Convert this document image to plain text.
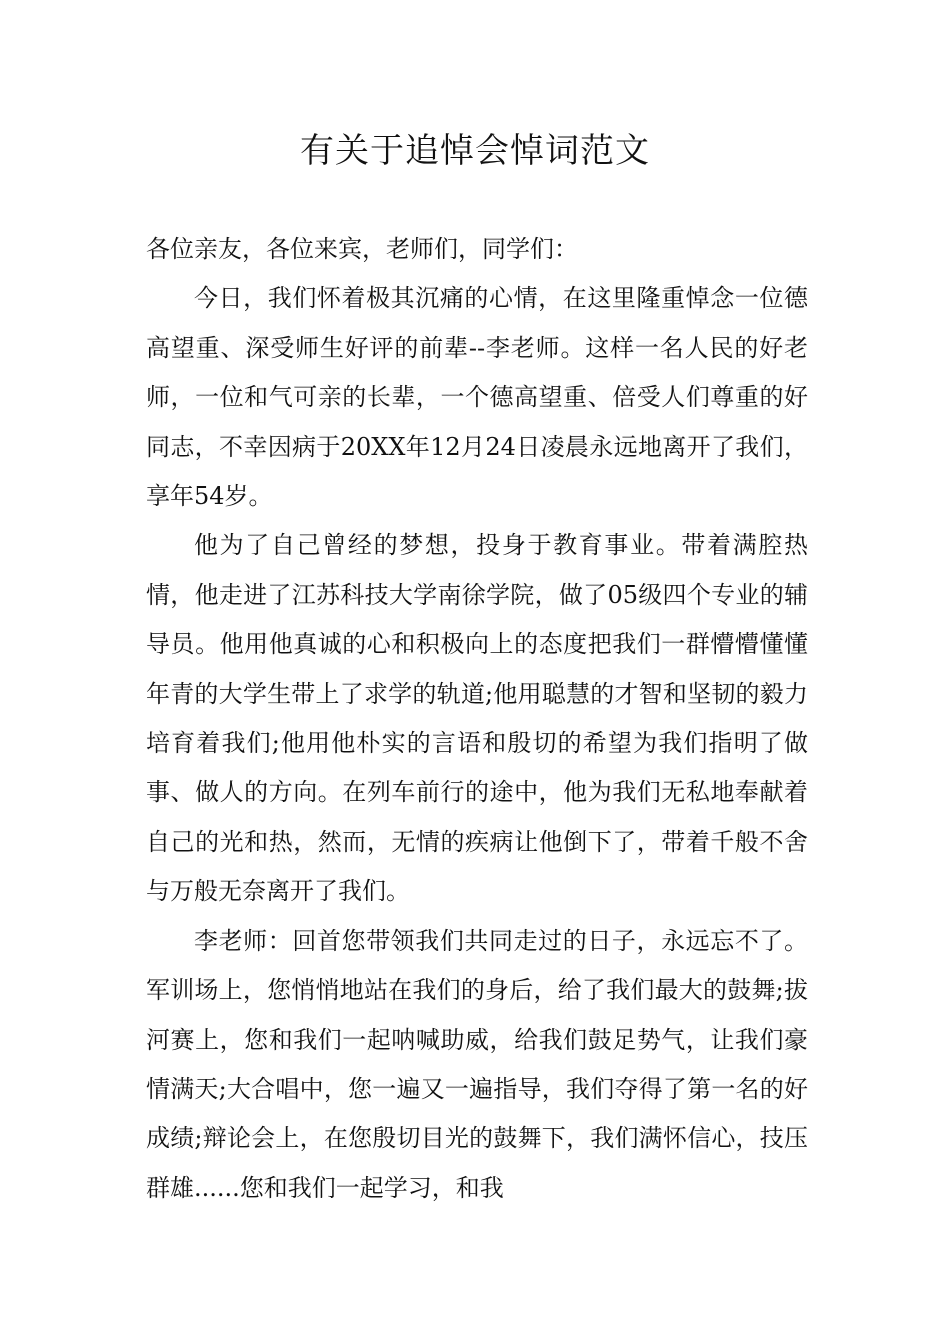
有关于追悼会悼词范文

各位亲友，各位来宾，老师们，同学们：

今日，我们怀着极其沉痛的心情，在这里隆重悼念一位德高望重、深受师生好评的前辈--李老师。这样一名人民的好老师，一位和气可亲的长辈，一个德高望重、倍受人们尊重的好同志，不幸因病于20XX年12月24日凌晨永远地离开了我们，享年54岁。

他为了自己曾经的梦想，投身于教育事业。带着满腔热情，他走进了江苏科技大学南徐学院，做了05级四个专业的辅导员。他用他真诚的心和积极向上的态度把我们一群懵懵懂懂年青的大学生带上了求学的轨道;他用聪慧的才智和坚韧的毅力培育着我们;他用他朴实的言语和殷切的希望为我们指明了做事、做人的方向。在列车前行的途中，他为我们无私地奉献着自己的光和热，然而，无情的疾病让他倒下了，带着千般不舍与万般无奈离开了我们。

李老师：回首您带领我们共同走过的日子，永远忘不了。军训场上，您悄悄地站在我们的身后，给了我们最大的鼓舞;拔河赛上，您和我们一起呐喊助威，给我们鼓足势气，让我们豪情满天;大合唱中，您一遍又一遍指导，我们夺得了第一名的好成绩;辩论会上，在您殷切目光的鼓舞下，我们满怀信心，技压群雄......您和我们一起学习，和我
